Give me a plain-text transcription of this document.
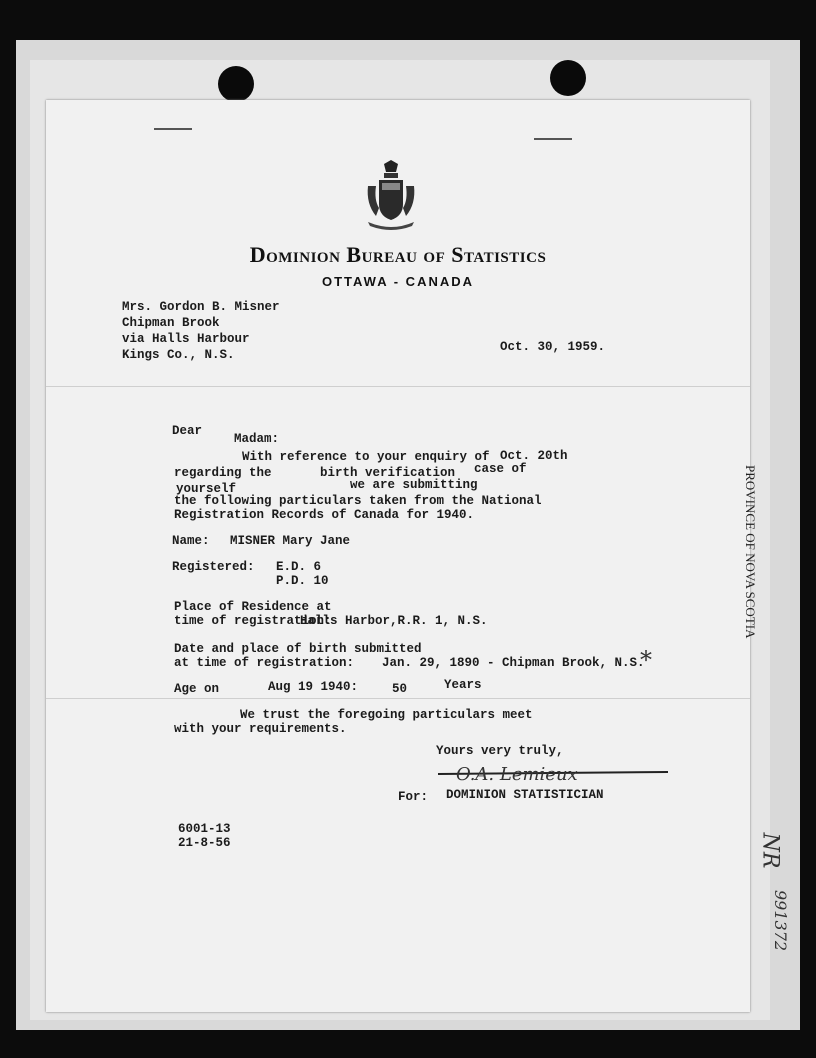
Dominion Bureau of Statistics
OTTAWA - CANADA
Mrs. Gordon B. Misner
Chipman Brook
via Halls Harbour
Kings Co., N.S.
Oct. 30, 1959.
Dear
Madam:
With reference to your enquiry of Oct. 20th
regarding the	birth verification case of
yourself	we are submitting
the following particulars taken from the National
Registration Records of Canada for 1940.
Name: MISNER Mary Jane
Registered: E.D. 6
P.D. 10
Place of Residence at
time of registration:
Halls Harbor,R.R. 1, N.S.
Date and place of birth submitted
at time of registration: Jan. 29, 1890 - Chipman Brook, N.S.
*
Age on	Aug 19 1940:	50	Years
We trust the foregoing particulars meet
with your requirements.
Yours very truly,
O.A. Lemieux
For: DOMINION STATISTICIAN
6001-13
21-8-56
PROVINCE OF NOVA SCOTIA
NR
991372
